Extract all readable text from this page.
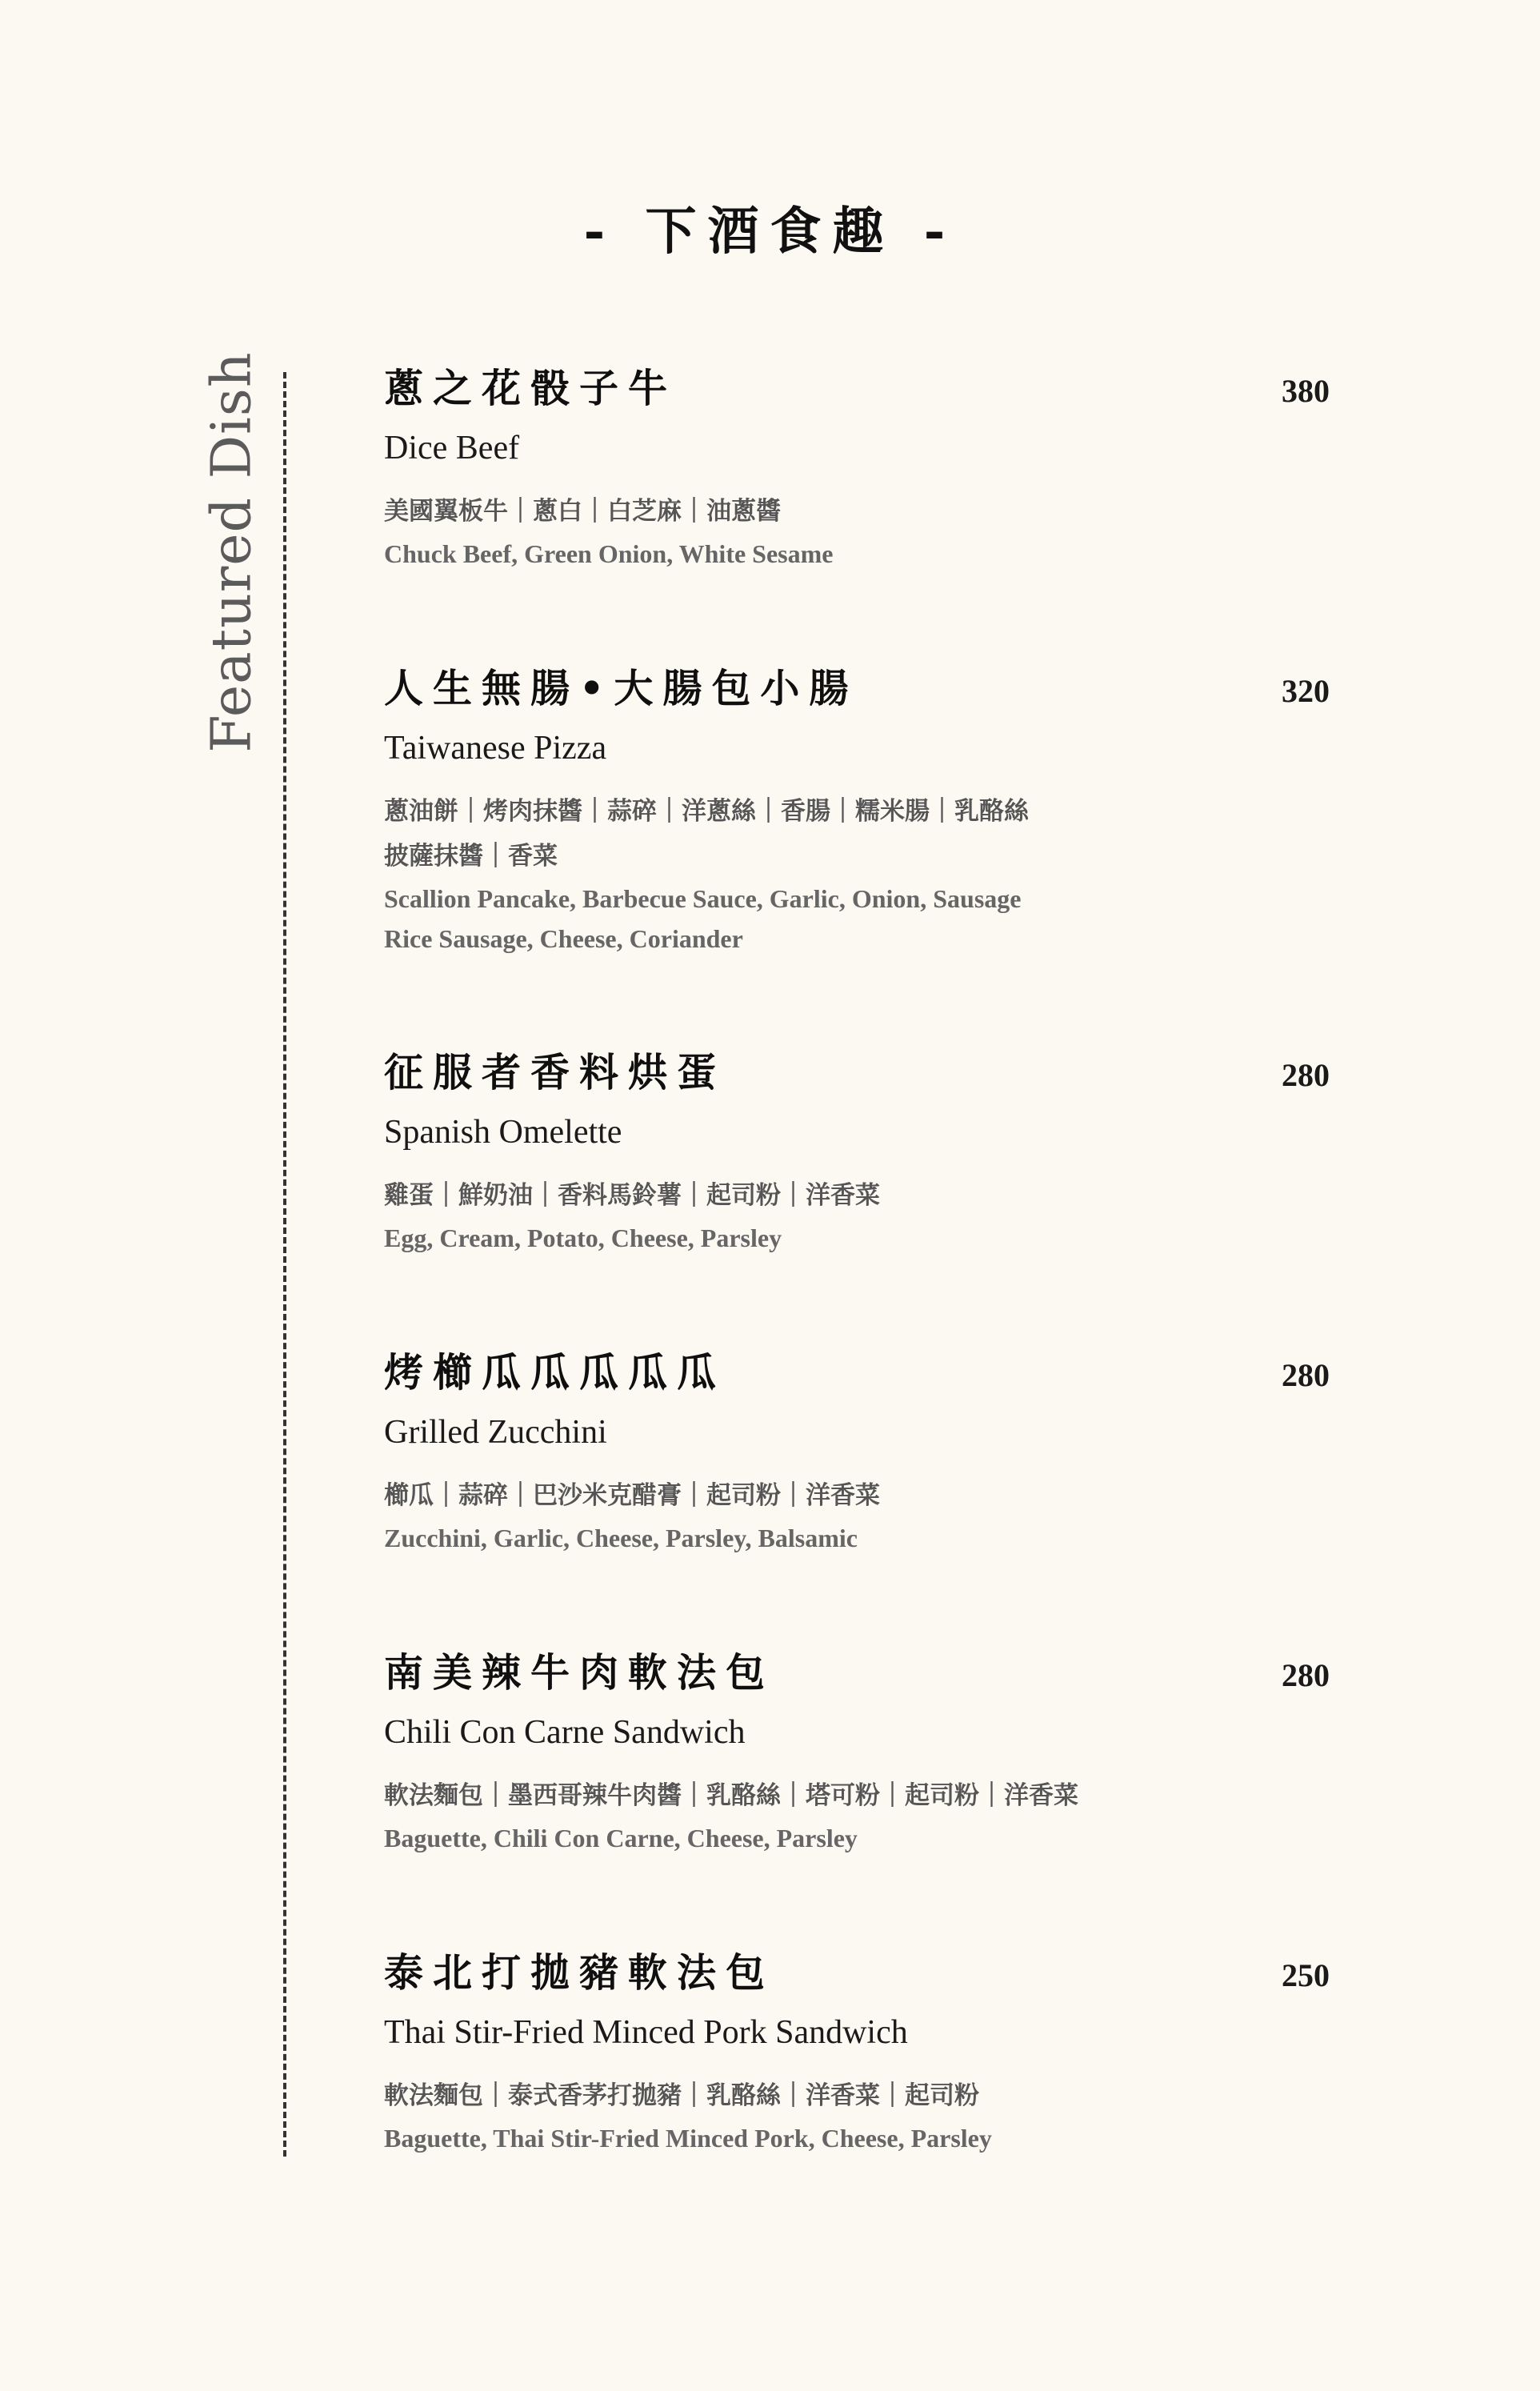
- 下酒食趣 -
Featured Dish	蔥之花骰子牛	380
Dice Beef
美國翼板牛｜蔥白｜白芝麻｜油蔥醬
Chuck Beef, Green Onion, White Sesame
人生無腸•大腸包小腸	320
Taiwanese Pizza
蔥油餅｜烤肉抹醬｜蒜碎｜洋蔥絲｜香腸｜糯米腸｜乳酪絲
披薩抹醬｜香菜
Scallion Pancake, Barbecue Sauce, Garlic, Onion, Sausage
Rice Sausage, Cheese, Coriander
征服者香料烘蛋	280
Spanish Omelette
雞蛋｜鮮奶油｜香料馬鈴薯｜起司粉｜洋香菜
Egg, Cream, Potato, Cheese, Parsley
烤櫛瓜瓜瓜瓜瓜	280
Grilled Zucchini
櫛瓜｜蒜碎｜巴沙米克醋膏｜起司粉｜洋香菜
Zucchini, Garlic, Cheese, Parsley, Balsamic
南美辣牛肉軟法包	280
Chili Con Carne Sandwich
軟法麵包｜墨西哥辣牛肉醬｜乳酪絲｜塔可粉｜起司粉｜洋香菜
Baguette, Chili Con Carne, Cheese, Parsley
泰北打拋豬軟法包	250
Thai Stir-Fried Minced Pork Sandwich
軟法麵包｜泰式香茅打拋豬｜乳酪絲｜洋香菜｜起司粉
Baguette, Thai Stir-Fried Minced Pork, Cheese, Parsley
